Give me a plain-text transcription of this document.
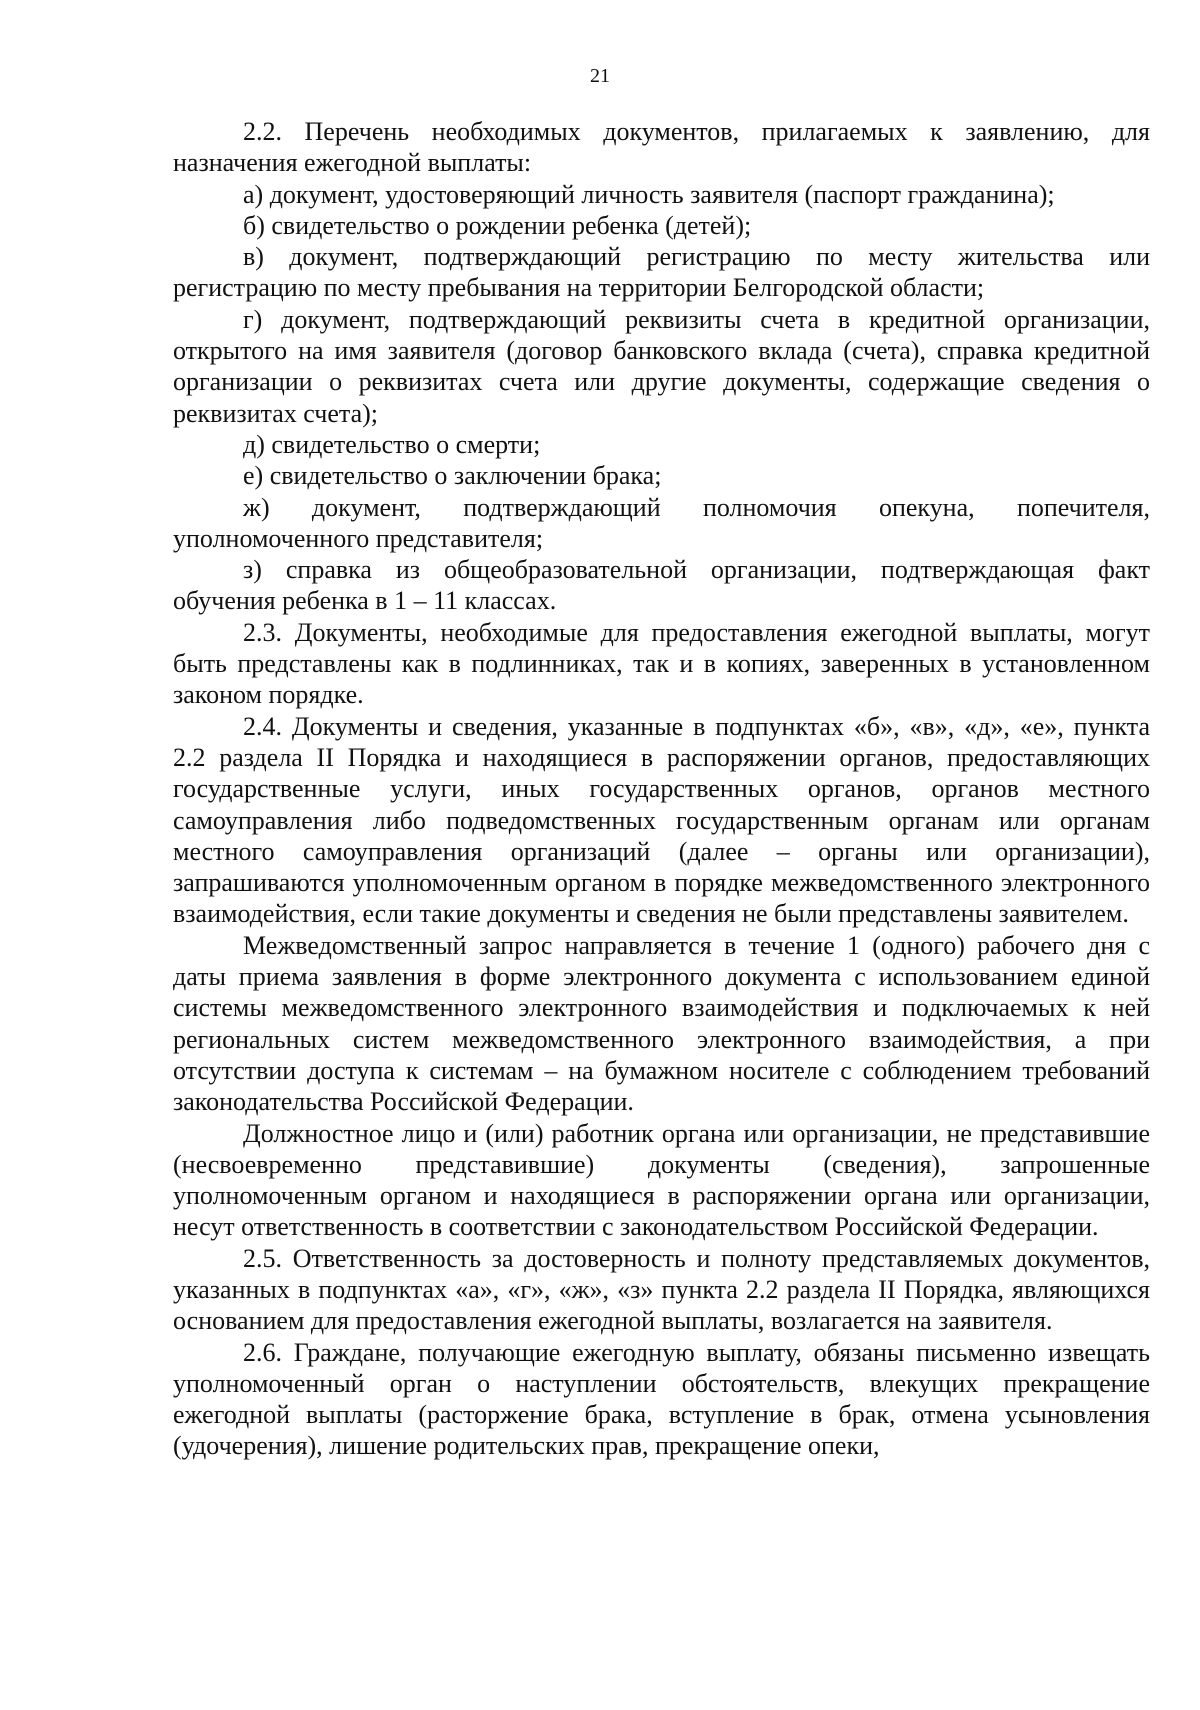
21

2.2. Перечень необходимых документов, прилагаемых к заявлению, для назначения ежегодной выплаты:

а) документ, удостоверяющий личность заявителя (паспорт гражданина);

б) свидетельство о рождении ребенка (детей);

в) документ, подтверждающий регистрацию по месту жительства или регистрацию по месту пребывания на территории Белгородской области;

г) документ, подтверждающий реквизиты счета в кредитной организации, открытого на имя заявителя (договор банковского вклада (счета), справка кредитной организации о реквизитах счета или другие документы, содержащие сведения о реквизитах счета);

д) свидетельство о смерти;

е) свидетельство о заключении брака;

ж) документ, подтверждающий полномочия опекуна, попечителя, уполномоченного представителя;

з) справка из общеобразовательной организации, подтверждающая факт обучения ребенка в 1 – 11 классах.

2.3. Документы, необходимые для предоставления ежегодной выплаты, могут быть представлены как в подлинниках, так и в копиях, заверенных в установленном законом порядке.

2.4. Документы и сведения, указанные в подпунктах «б», «в», «д», «е», пункта 2.2 раздела II Порядка и находящиеся в распоряжении органов, предоставляющих государственные услуги, иных государственных органов, органов местного самоуправления либо подведомственных государственным органам или органам местного самоуправления организаций (далее – органы или организации), запрашиваются уполномоченным органом в порядке межведомственного электронного взаимодействия, если такие документы и сведения не были представлены заявителем.

Межведомственный запрос направляется в течение 1 (одного) рабочего дня с даты приема заявления в форме электронного документа с использованием единой системы межведомственного электронного взаимодействия и подключаемых к ней региональных систем межведомственного электронного взаимодействия, а при отсутствии доступа к системам – на бумажном носителе с соблюдением требований законодательства Российской Федерации.

Должностное лицо и (или) работник органа или организации, не представившие (несвоевременно представившие) документы (сведения), запрошенные уполномоченным органом и находящиеся в распоряжении органа или организации, несут ответственность в соответствии с законодательством Российской Федерации.

2.5. Ответственность за достоверность и полноту представляемых документов, указанных в подпунктах «а», «г», «ж», «з» пункта 2.2 раздела II Порядка, являющихся основанием для предоставления ежегодной выплаты, возлагается на заявителя.

2.6. Граждане, получающие ежегодную выплату, обязаны письменно извещать уполномоченный орган о наступлении обстоятельств, влекущих прекращение ежегодной выплаты (расторжение брака, вступление в брак, отмена усыновления (удочерения), лишение родительских прав, прекращение опеки,
